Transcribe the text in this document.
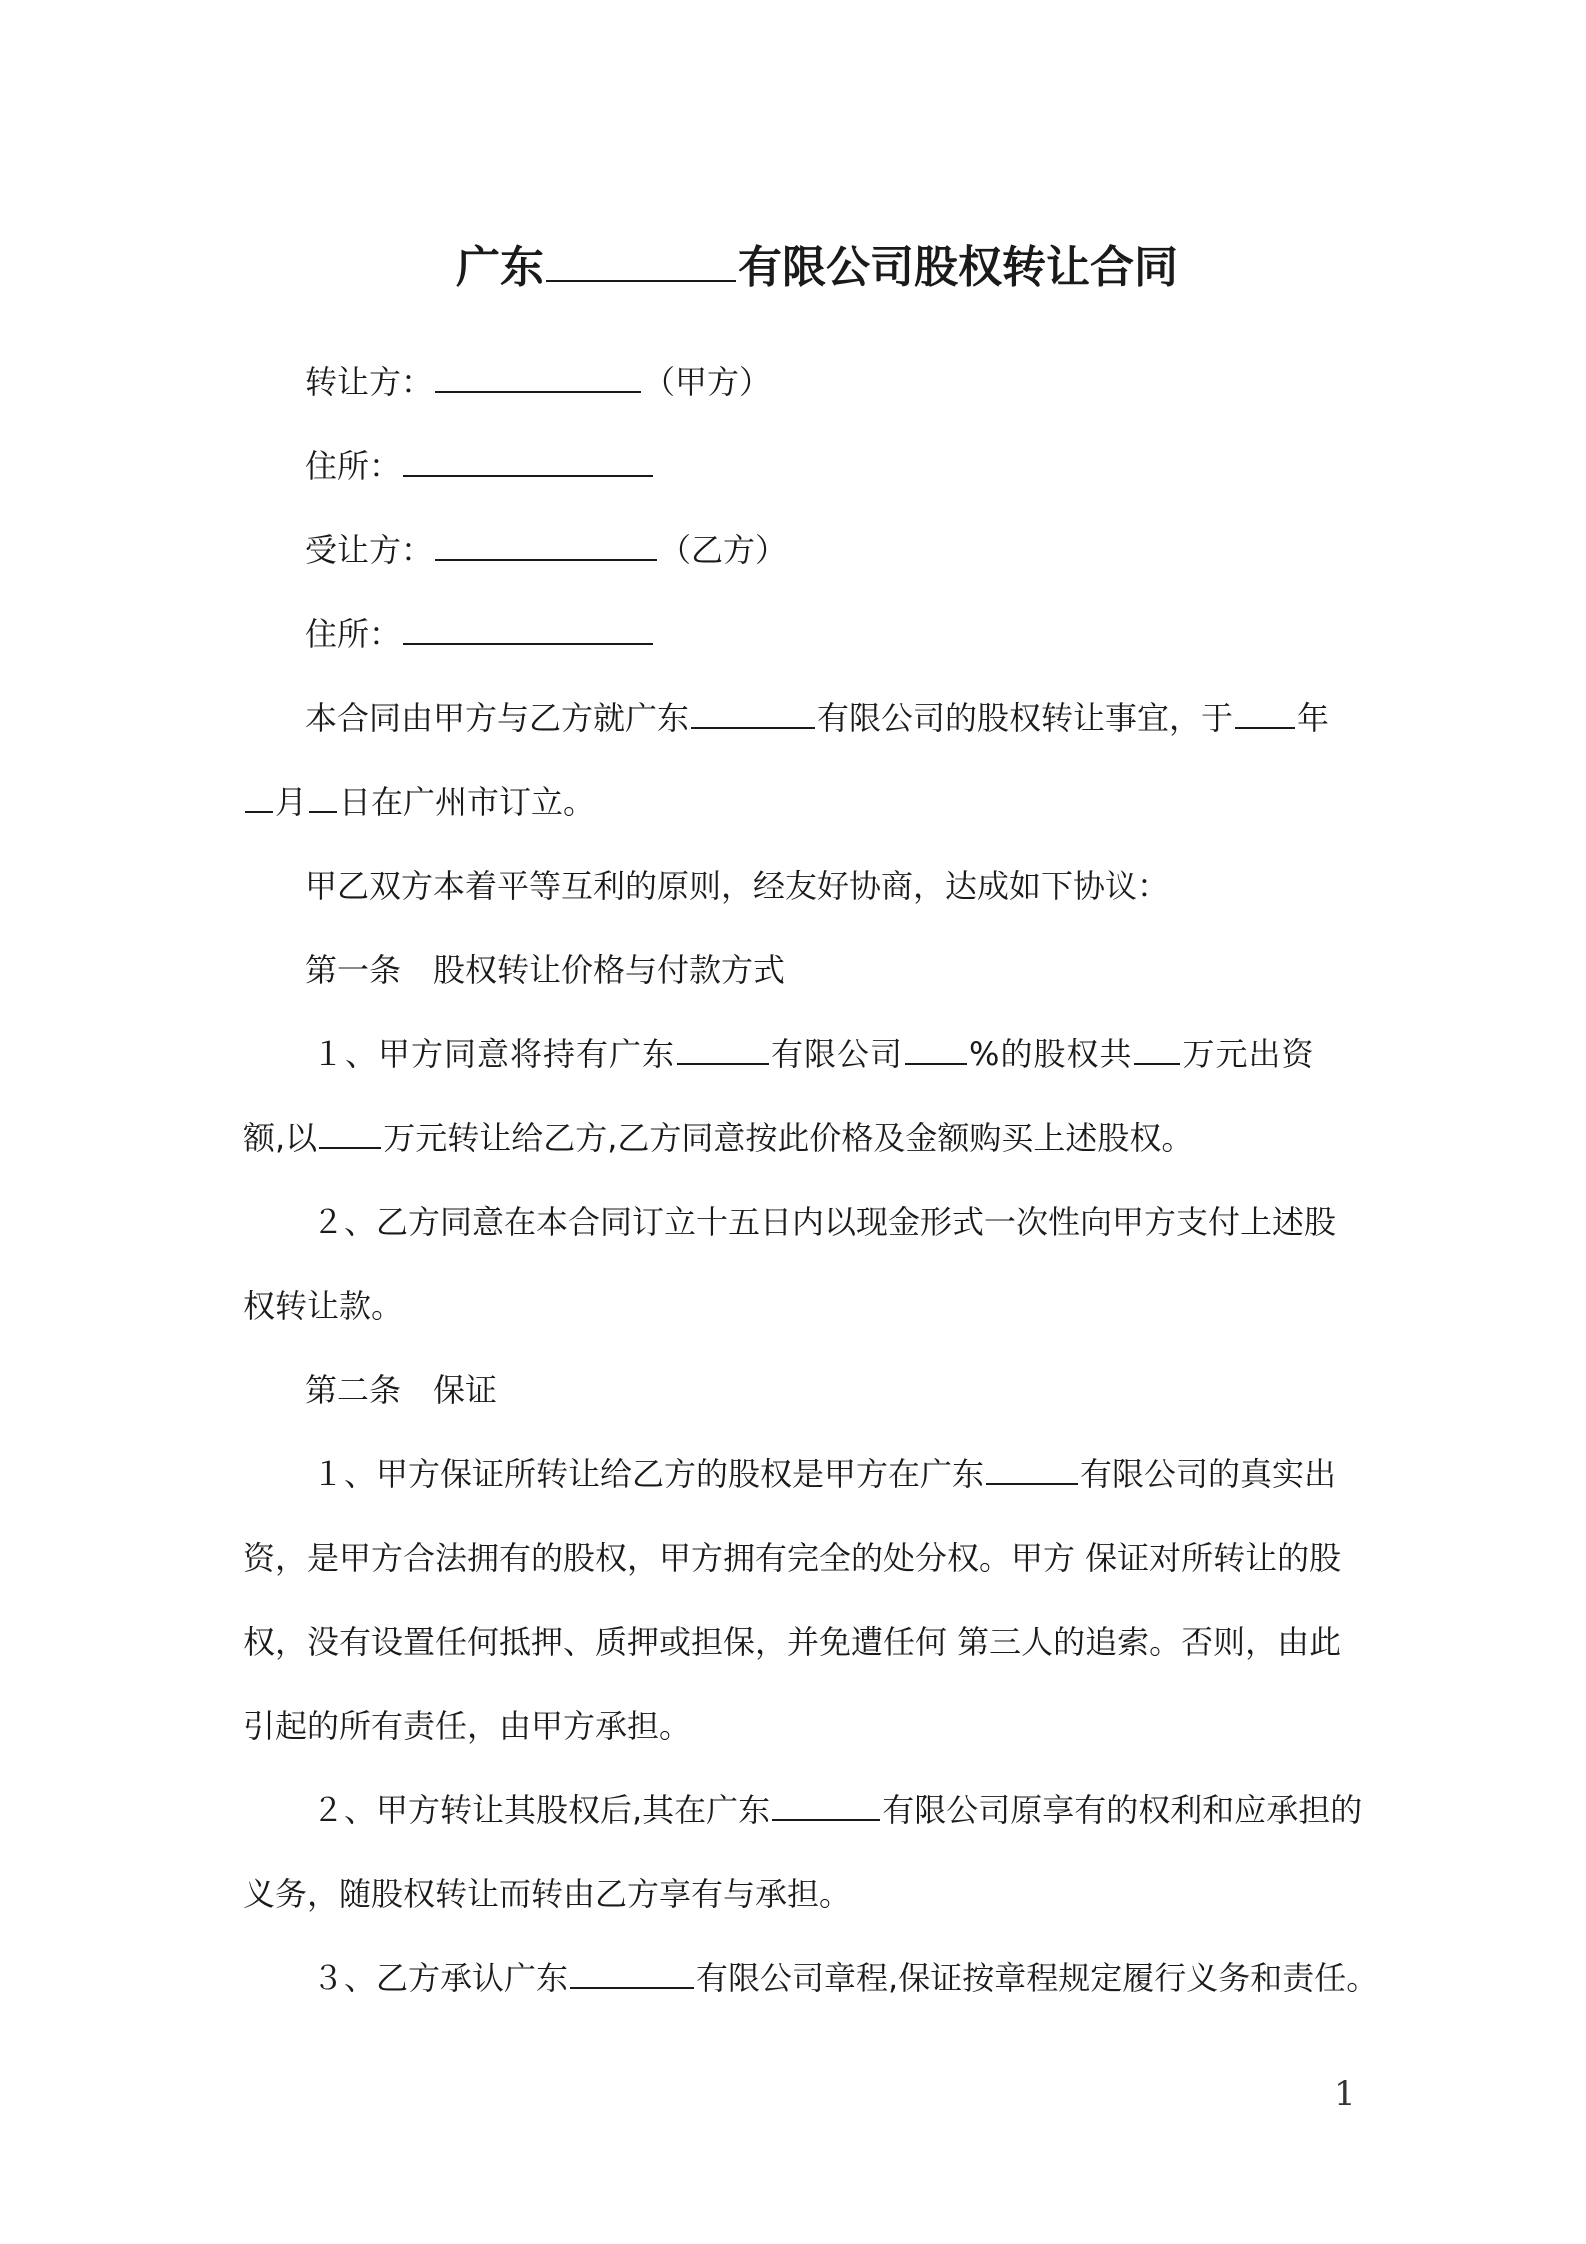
广东	有限公司股权转让合同
转让方：	（甲方）
住所：
受让方：	（乙方）
住所：
本合同由甲方与乙方就广东	有限公司的股权转让事宜，于 年
月 日在广州市订立。
甲乙双方本着平等互利的原则，经友好协商，达成如下协议：
第一条　股权转让价格与付款方式
１、甲方同意将持有广东	有限公司 %的股权共 万元出资
额,以 万元转让给乙方,乙方同意按此价格及金额购买上述股权。
２、乙方同意在本合同订立十五日内以现金形式一次性向甲方支付上述股
权转让款。
第二条　保证
１、甲方保证所转让给乙方的股权是甲方在广东	有限公司的真实出
资，是甲方合法拥有的股权，甲方拥有完全的处分权。甲方 保证对所转让的股
权，没有设置任何抵押、质押或担保，并免遭任何 第三人的追索。否则，由此
引起的所有责任，由甲方承担。
２、甲方转让其股权后,其在广东	有限公司原享有的权利和应承担的
义务，随股权转让而转由乙方享有与承担。
３、乙方承认广东	有限公司章程,保证按章程规定履行义务和责任。
1
